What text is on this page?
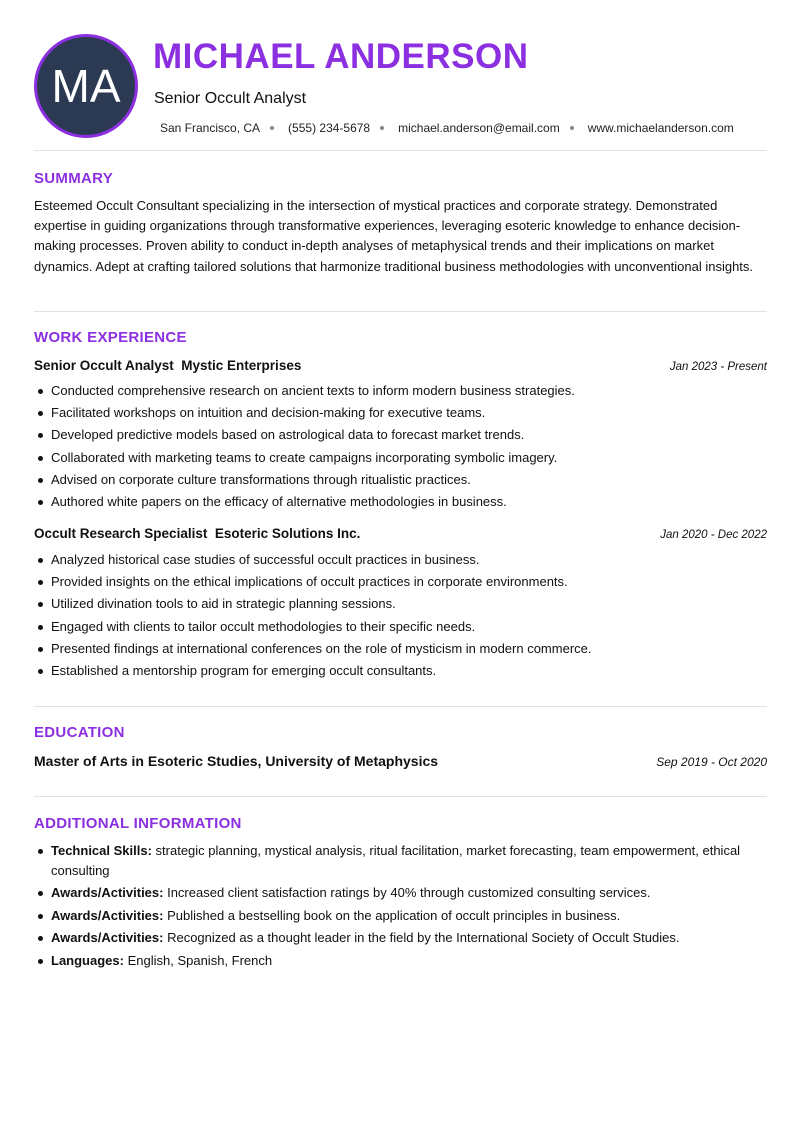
MA
MICHAEL ANDERSON
Senior Occult Analyst
San Francisco, CA (555) 234-5678 michael.anderson@email.com www.michaelanderson.com
SUMMARY
Esteemed Occult Consultant specializing in the intersection of mystical practices and corporate strategy. Demonstrated expertise in guiding organizations through transformative experiences, leveraging esoteric knowledge to enhance decision-making processes. Proven ability to conduct in-depth analyses of metaphysical trends and their implications on market dynamics. Adept at crafting tailored solutions that harmonize traditional business methodologies with unconventional insights.
WORK EXPERIENCE
Senior Occult Analyst  Mystic Enterprises	Jan 2023 - Present
Conducted comprehensive research on ancient texts to inform modern business strategies.
Facilitated workshops on intuition and decision-making for executive teams.
Developed predictive models based on astrological data to forecast market trends.
Collaborated with marketing teams to create campaigns incorporating symbolic imagery.
Advised on corporate culture transformations through ritualistic practices.
Authored white papers on the efficacy of alternative methodologies in business.
Occult Research Specialist  Esoteric Solutions Inc.	Jan 2020 - Dec 2022
Analyzed historical case studies of successful occult practices in business.
Provided insights on the ethical implications of occult practices in corporate environments.
Utilized divination tools to aid in strategic planning sessions.
Engaged with clients to tailor occult methodologies to their specific needs.
Presented findings at international conferences on the role of mysticism in modern commerce.
Established a mentorship program for emerging occult consultants.
EDUCATION
Master of Arts in Esoteric Studies, University of Metaphysics	Sep 2019 - Oct 2020
ADDITIONAL INFORMATION
Technical Skills: strategic planning, mystical analysis, ritual facilitation, market forecasting, team empowerment, ethical consulting
Awards/Activities: Increased client satisfaction ratings by 40% through customized consulting services.
Awards/Activities: Published a bestselling book on the application of occult principles in business.
Awards/Activities: Recognized as a thought leader in the field by the International Society of Occult Studies.
Languages: English, Spanish, French
